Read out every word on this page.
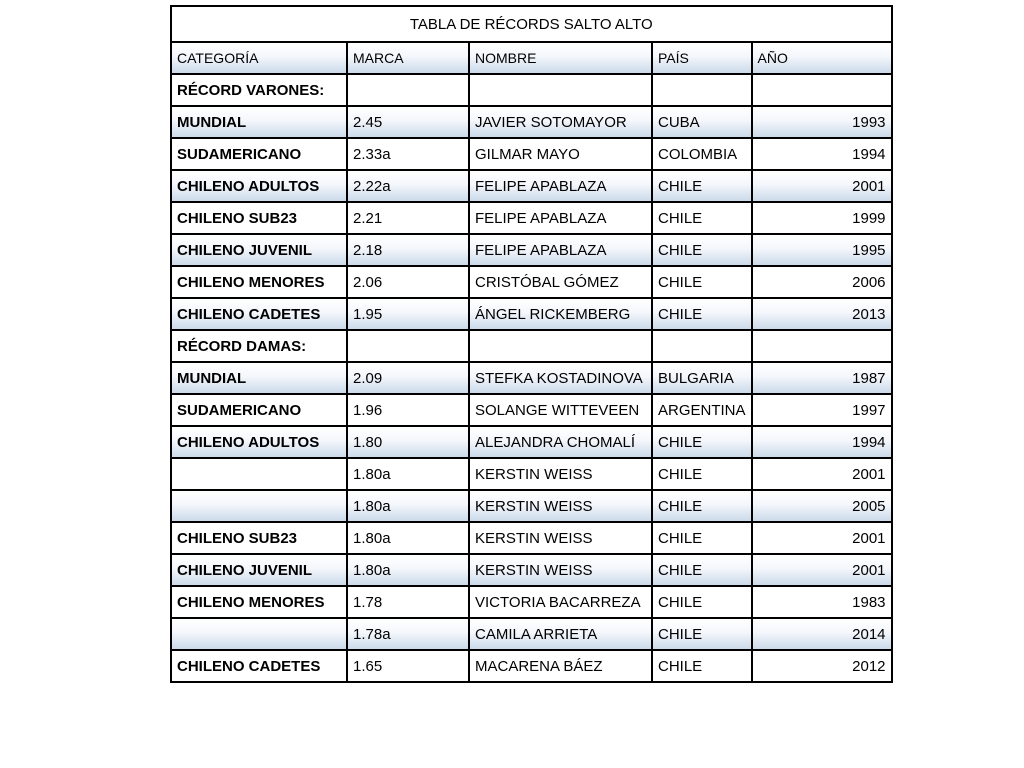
TABLA DE RÉCORDS SALTO ALTO				
CATEGORÍA	MARCA	NOMBRE	PAÍS	AÑO
RÉCORD VARONES:				
MUNDIAL	2.45	JAVIER SOTOMAYOR	CUBA	1993
SUDAMERICANO	2.33a	GILMAR MAYO	COLOMBIA	1994
CHILENO ADULTOS	2.22a	FELIPE APABLAZA	CHILE	2001
CHILENO SUB23	2.21	FELIPE APABLAZA	CHILE	1999
CHILENO JUVENIL	2.18	FELIPE APABLAZA	CHILE	1995
CHILENO MENORES	2.06	CRISTÓBAL GÓMEZ	CHILE	2006
CHILENO CADETES	1.95	ÁNGEL RICKEMBERG	CHILE	2013
RÉCORD DAMAS:				
MUNDIAL	2.09	STEFKA KOSTADINOVA	BULGARIA	1987
SUDAMERICANO	1.96	SOLANGE WITTEVEEN	ARGENTINA	1997
CHILENO ADULTOS	1.80	ALEJANDRA CHOMALÍ	CHILE	1994
	1.80a	KERSTIN WEISS	CHILE	2001
	1.80a	KERSTIN WEISS	CHILE	2005
CHILENO SUB23	1.80a	KERSTIN WEISS	CHILE	2001
CHILENO JUVENIL	1.80a	KERSTIN WEISS	CHILE	2001
CHILENO MENORES	1.78	VICTORIA BACARREZA	CHILE	1983
	1.78a	CAMILA ARRIETA	CHILE	2014
CHILENO CADETES	1.65	MACARENA BÁEZ	CHILE	2012
